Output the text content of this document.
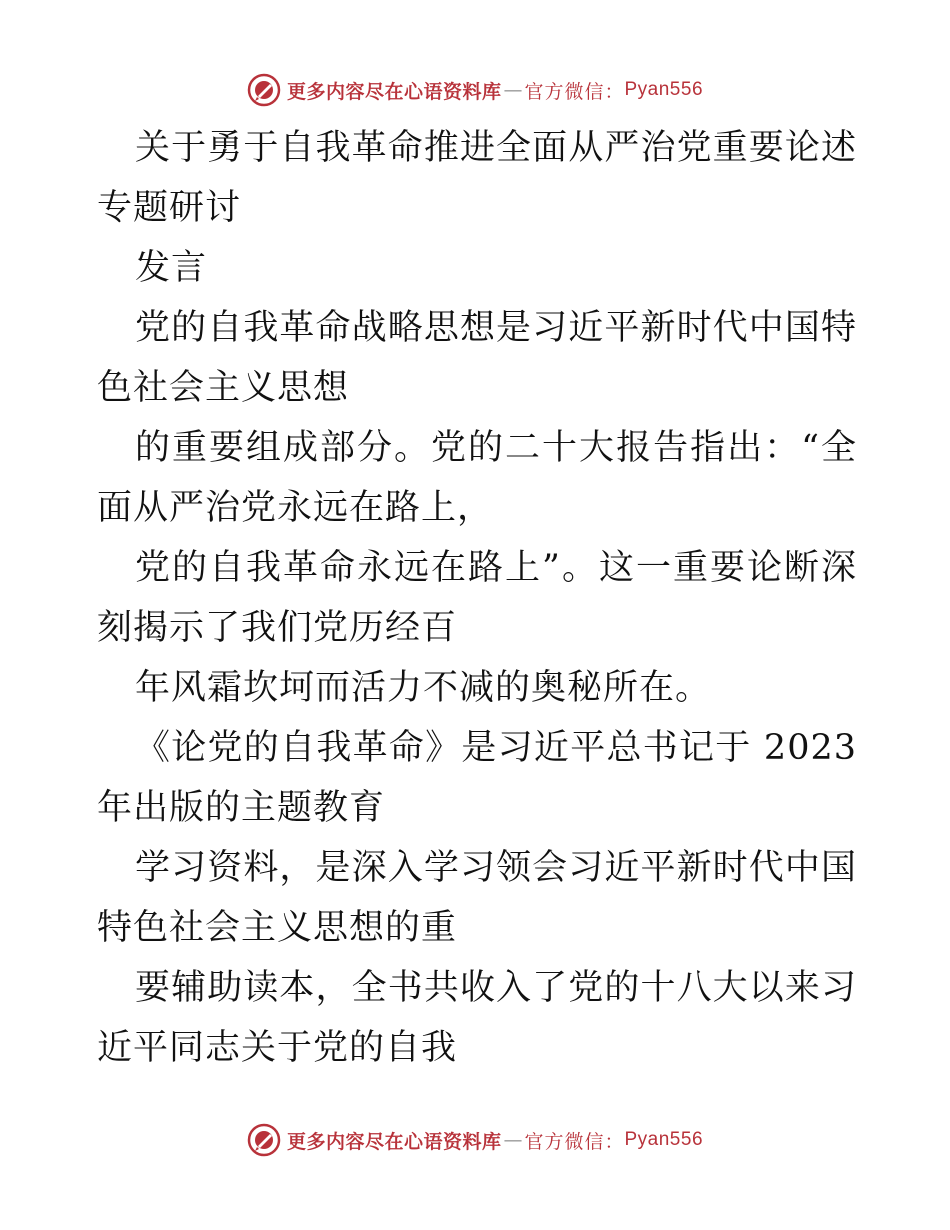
更多内容尽在心语资料库 — 官方微信： Pyan556

关于勇于自我革命推进全面从严治党重要论述专题研讨

发言

党的自我革命战略思想是习近平新时代中国特色社会主义思想

的重要组成部分。党的二十大报告指出：“全面从严治党永远在路上，

党的自我革命永远在路上”。这一重要论断深刻揭示了我们党历经百

年风霜坎坷而活力不减的奥秘所在。

《论党的自我革命》是习近平总书记于 2023 年出版的主题教育

学习资料，是深入学习领会习近平新时代中国特色社会主义思想的重

要辅助读本，全书共收入了党的十八大以来习近平同志关于党的自我

更多内容尽在心语资料库 — 官方微信： Pyan556
